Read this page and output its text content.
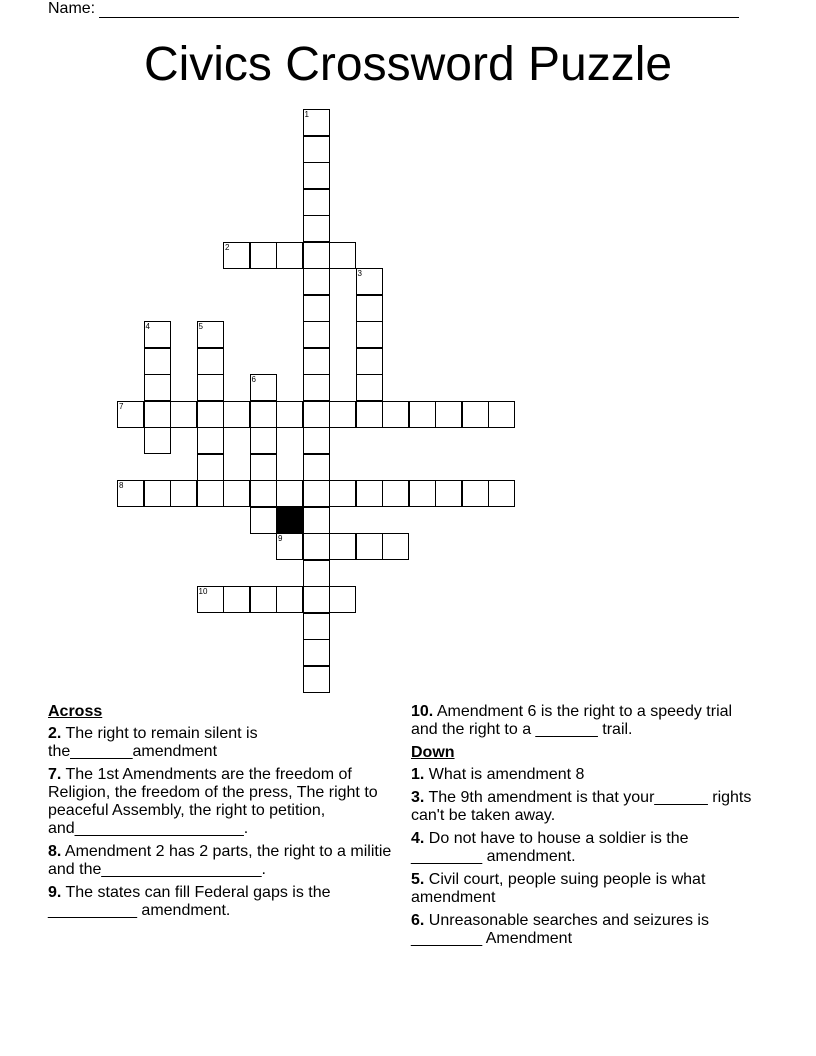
Name:
Civics Crossword Puzzle
1
2
3
4	5
6
7
8
9
10
Across
2. The right to remain silent is the_______amendment
7. The 1st Amendments are the freedom of Religion, the freedom of the press, The right to peaceful Assembly, the right to petition, and___________________.
8. Amendment 2 has 2 parts, the right to a militie and the__________________.
9. The states can fill Federal gaps is the __________ amendment.
10. Amendment 6 is the right to a speedy trial and the right to a _______ trail.
Down
1. What is amendment 8
3. The 9th amendment is that your______ rights can't be taken away.
4. Do not have to house a soldier is the ________ amendment.
5. Civil court, people suing people is what amendment
6. Unreasonable searches and seizures is ________ Amendment
